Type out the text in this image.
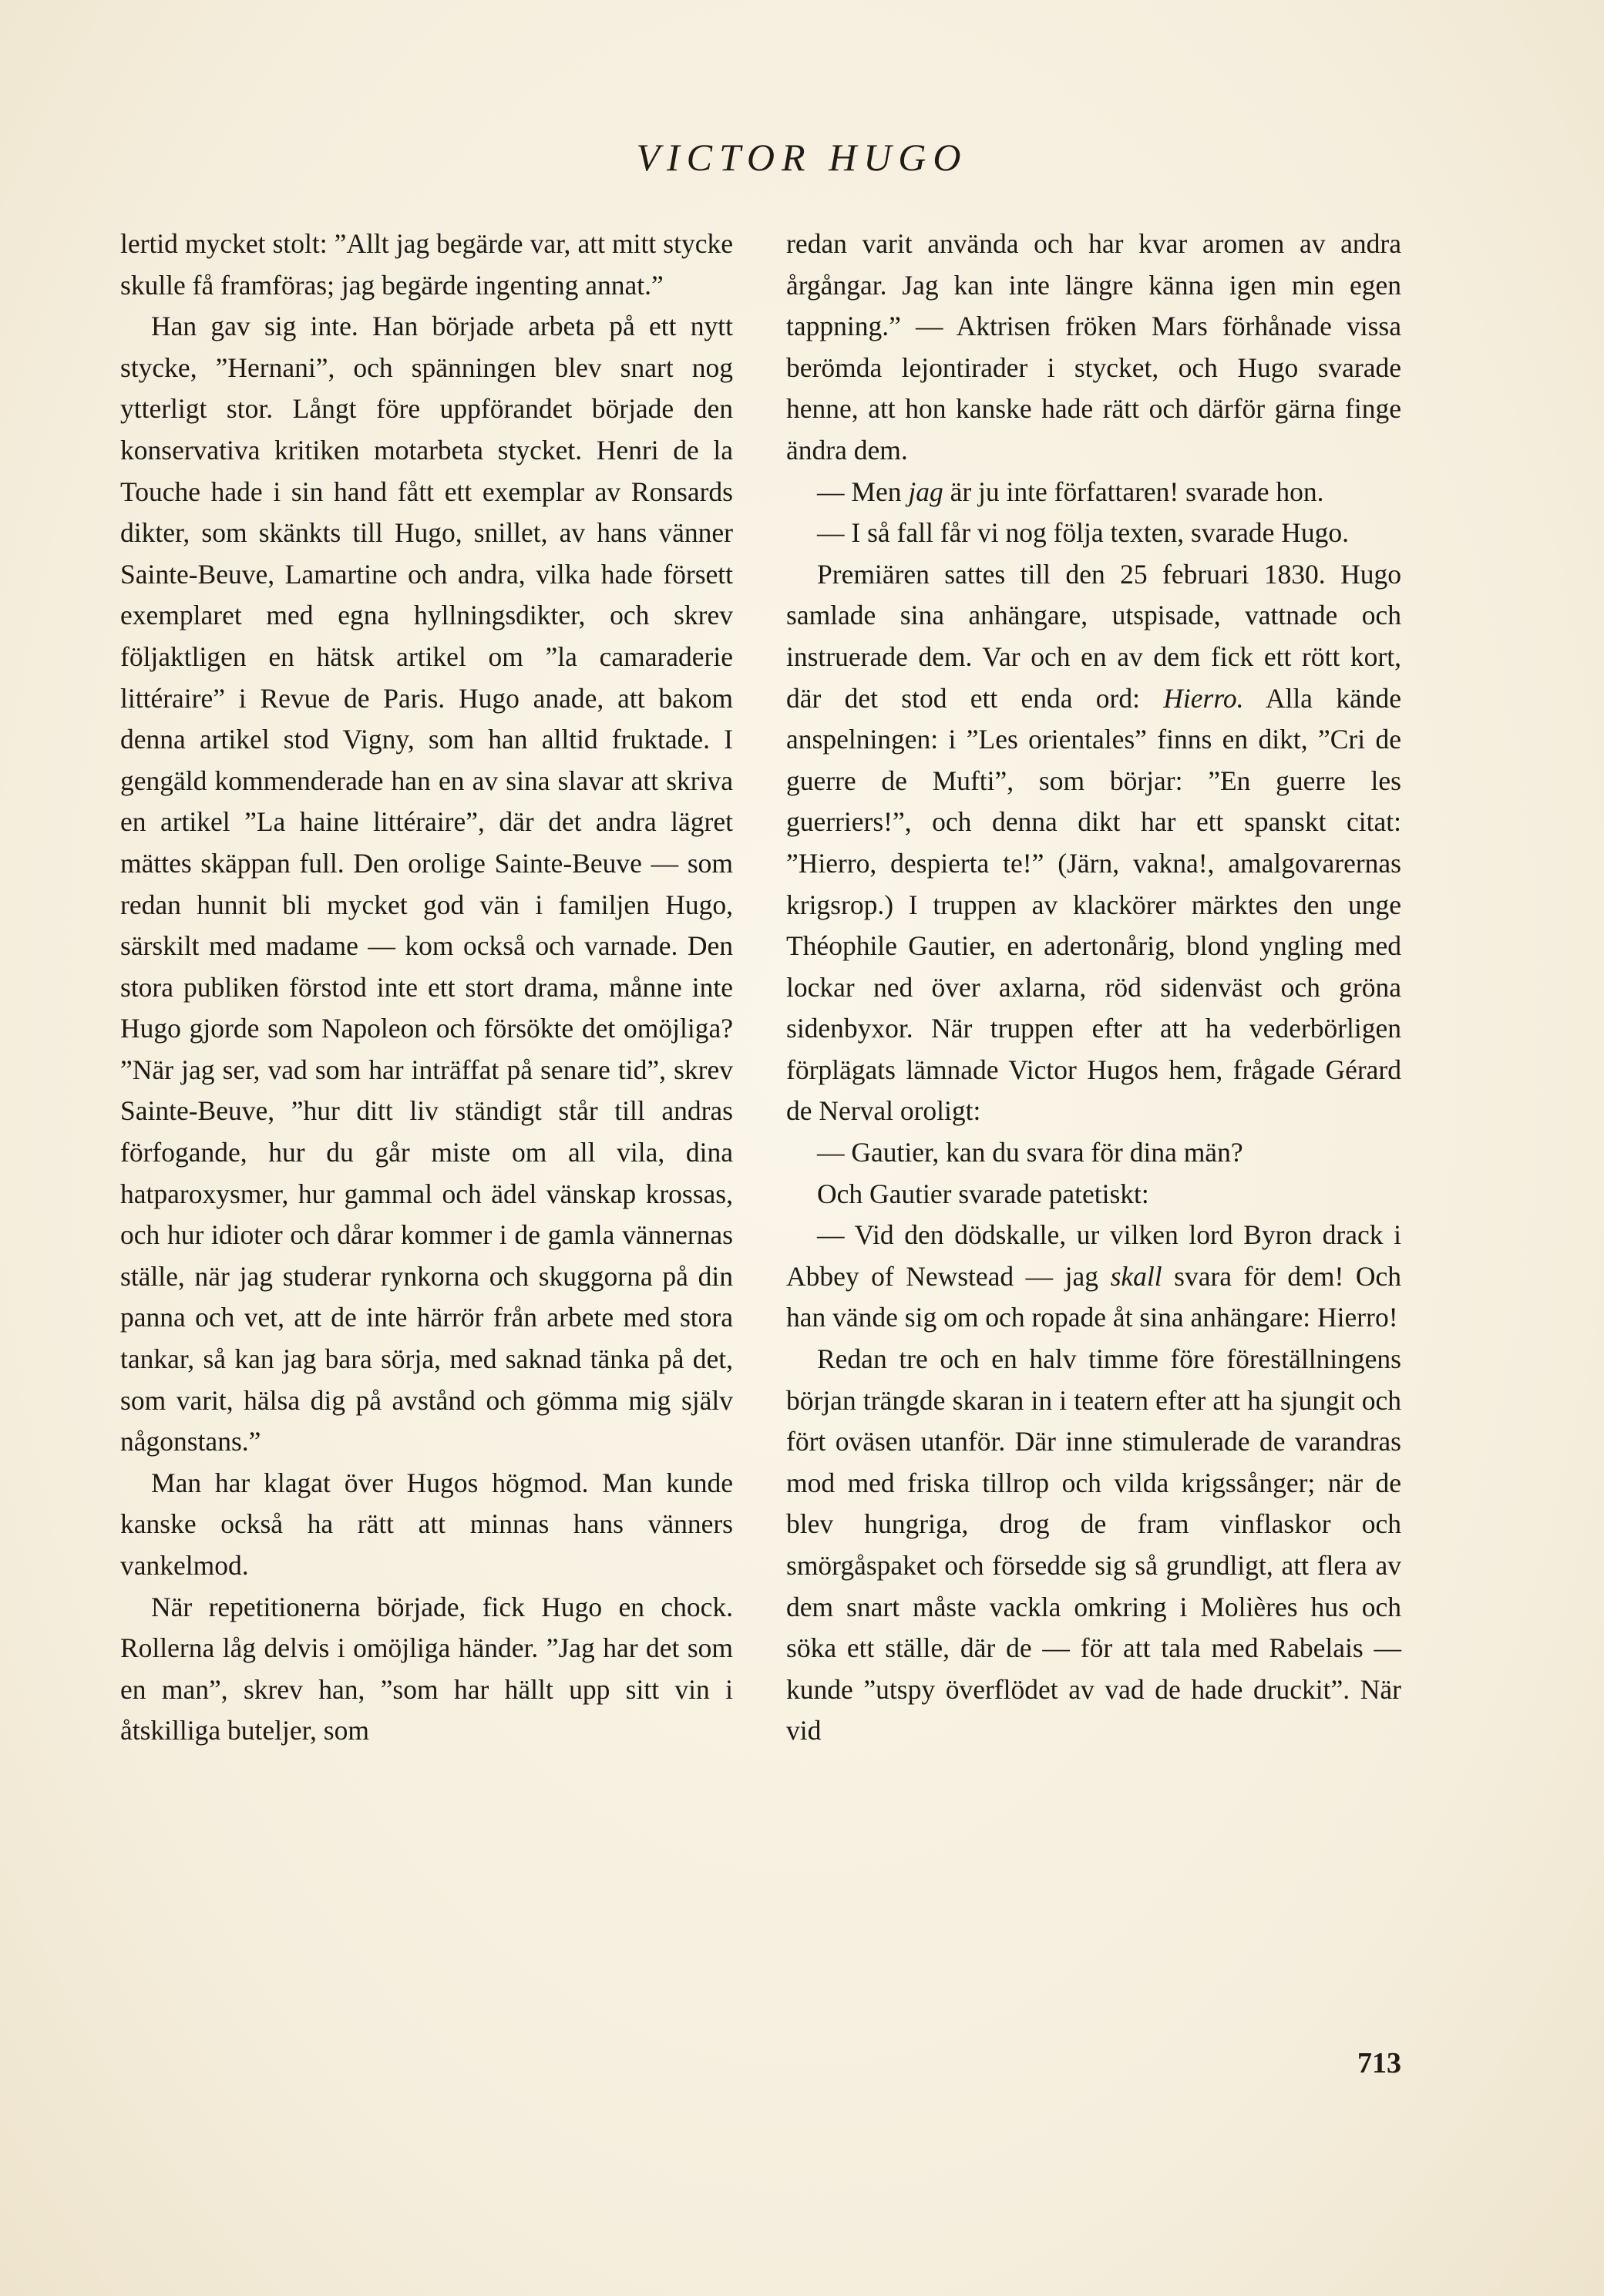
VICTOR HUGO

lertid mycket stolt: ”Allt jag begärde var, att mitt stycke skulle få framföras; jag begärde ingenting annat.”

Han gav sig inte. Han började arbeta på ett nytt stycke, ”Hernani”, och spänningen blev snart nog ytterligt stor. Långt före uppförandet började den konservativa kritiken motarbeta stycket. Henri de la Touche hade i sin hand fått ett exemplar av Ronsards dikter, som skänkts till Hugo, snillet, av hans vänner Sainte-Beuve, Lamartine och andra, vilka hade försett exemplaret med egna hyllningsdikter, och skrev följaktligen en hätsk artikel om ”la camaraderie littéraire” i Revue de Paris. Hugo anade, att bakom denna artikel stod Vigny, som han alltid fruktade. I gengäld kommenderade han en av sina slavar att skriva en artikel ”La haine littéraire”, där det andra lägret mättes skäppan full. Den orolige Sainte-Beuve — som redan hunnit bli mycket god vän i familjen Hugo, särskilt med madame — kom också och varnade. Den stora publiken förstod inte ett stort drama, månne inte Hugo gjorde som Napoleon och försökte det omöjliga? ”När jag ser, vad som har inträffat på senare tid”, skrev Sainte-Beuve, ”hur ditt liv ständigt står till andras förfogande, hur du går miste om all vila, dina hatparoxysmer, hur gammal och ädel vänskap krossas, och hur idioter och dårar kommer i de gamla vännernas ställe, när jag studerar rynkorna och skuggorna på din panna och vet, att de inte härrör från arbete med stora tankar, så kan jag bara sörja, med saknad tänka på det, som varit, hälsa dig på avstånd och gömma mig själv någonstans.”

Man har klagat över Hugos högmod. Man kunde kanske också ha rätt att minnas hans vänners vankelmod.

När repetitionerna började, fick Hugo en chock. Rollerna låg delvis i omöjliga händer. ”Jag har det som en man”, skrev han, ”som har hällt upp sitt vin i åtskilliga buteljer, som

redan varit använda och har kvar aromen av andra årgångar. Jag kan inte längre känna igen min egen tappning.” — Aktrisen fröken Mars förhånade vissa berömda lejontirader i stycket, och Hugo svarade henne, att hon kanske hade rätt och därför gärna finge ändra dem.

— Men jag är ju inte författaren! svarade hon.

— I så fall får vi nog följa texten, svarade Hugo.

Premiären sattes till den 25 februari 1830. Hugo samlade sina anhängare, utspisade, vattnade och instruerade dem. Var och en av dem fick ett rött kort, där det stod ett enda ord: Hierro. Alla kände anspelningen: i ”Les orientales” finns en dikt, ”Cri de guerre de Mufti”, som börjar: ”En guerre les guerriers!”, och denna dikt har ett spanskt citat: ”Hierro, despierta te!” (Järn, vakna!, amalgovarernas krigsrop.) I truppen av klackörer märktes den unge Théophile Gautier, en adertonårig, blond yngling med lockar ned över axlarna, röd sidenväst och gröna sidenbyxor. När truppen efter att ha vederbörligen förplägats lämnade Victor Hugos hem, frågade Gérard de Nerval oroligt:

— Gautier, kan du svara för dina män?

Och Gautier svarade patetiskt:

— Vid den dödskalle, ur vilken lord Byron drack i Abbey of Newstead — jag skall svara för dem! Och han vände sig om och ropade åt sina anhängare: Hierro!

Redan tre och en halv timme före föreställningens början trängde skaran in i teatern efter att ha sjungit och fört oväsen utanför. Där inne stimulerade de varandras mod med friska tillrop och vilda krigssånger; när de blev hungriga, drog de fram vinflaskor och smörgåspaket och försedde sig så grundligt, att flera av dem snart måste vackla omkring i Molières hus och söka ett ställe, där de — för att tala med Rabelais — kunde ”utspy överflödet av vad de hade druckit”. När vid

713
